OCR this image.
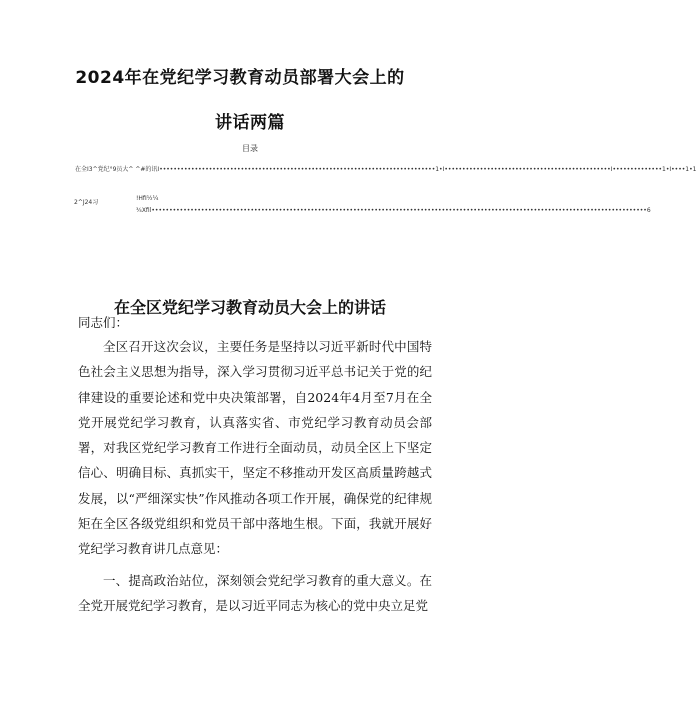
2024年在党纪学习教育动员部署大会上的
讲话两篇
目录
在全I3^党纪°9员大^ ^#的讯I••••••••••••••••••••••••••••••••••••••••••••••••••••••••••••••••••••••••••••••1•I•••••••••••••••••••••••••••••••••••••••••••••••I••••••••••••••1•I••••1•1
2^J24习
!HfI½¼
¾Xfil••••••••••••••••••••••••••••••••••••••••••••••••••••••••••••••••••••••••••••••••••••••••••••••••••••••••••••••••••••••••••••••••••••••••••••6
在全区党纪学习教育动员大会上的讲话

同志们：

全区召开这次会议，主要任务是坚持以习近平新时代中国特色社会主义思想为指导，深入学习贯彻习近平总书记关于党的纪律建设的重要论述和党中央决策部署，自2024年4月至7月在全党开展党纪学习教育，认真落实省、市党纪学习教育动员会部署，对我区党纪学习教育工作进行全面动员，动员全区上下坚定信心、明确目标、真抓实干，坚定不移推动开发区高质量跨越式发展，以“严细深实快”作风推动各项工作开展，确保党的纪律规矩在全区各级党组织和党员干部中落地生根。下面，我就开展好党纪学习教育讲几点意见：

一、提高政治站位，深刻领会党纪学习教育的重大意义。在全党开展党纪学习教育，是以习近平同志为核心的党中央立足党
